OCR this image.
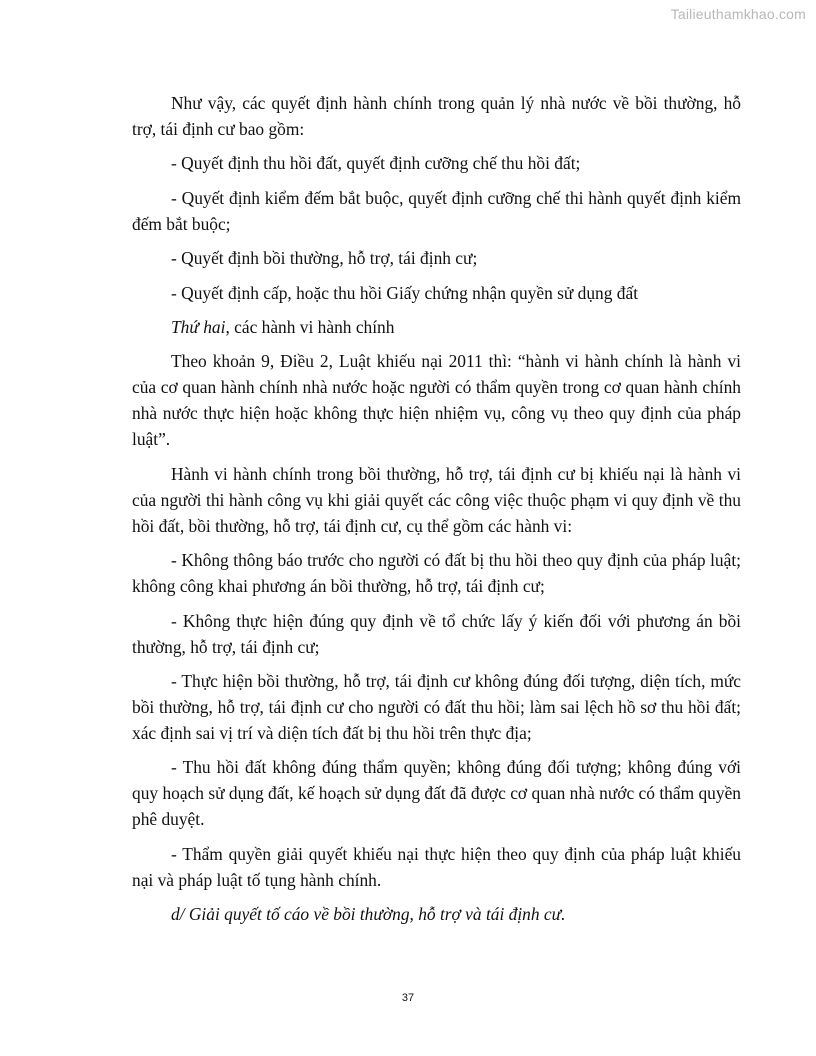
Tailieuthamkhao.com

Như vậy, các quyết định hành chính trong quản lý nhà nước về bồi thường, hỗ trợ, tái định cư bao gồm:

- Quyết định thu hồi đất, quyết định cưỡng chế thu hồi đất;

- Quyết định kiểm đếm bắt buộc, quyết định cưỡng chế thi hành quyết định kiểm đếm bắt buộc;

- Quyết định bồi thường, hỗ trợ, tái định cư;

- Quyết định cấp, hoặc thu hồi Giấy chứng nhận quyền sử dụng đất

Thứ hai, các hành vi hành chính

Theo khoản 9, Điều 2, Luật khiếu nại 2011 thì: “hành vi hành chính là hành vi của cơ quan hành chính nhà nước hoặc người có thẩm quyền trong cơ quan hành chính nhà nước thực hiện hoặc không thực hiện nhiệm vụ, công vụ theo quy định của pháp luật”.

Hành vi hành chính trong bồi thường, hỗ trợ, tái định cư bị khiếu nại là hành vi của người thi hành công vụ khi giải quyết các công việc thuộc phạm vi quy định về thu hồi đất, bồi thường, hỗ trợ, tái định cư, cụ thể gồm các hành vi:

- Không thông báo trước cho người có đất bị thu hồi theo quy định của pháp luật; không công khai phương án bồi thường, hỗ trợ, tái định cư;

- Không thực hiện đúng quy định về tổ chức lấy ý kiến đối với phương án bồi thường, hỗ trợ, tái định cư;

- Thực hiện bồi thường, hỗ trợ, tái định cư không đúng đối tượng, diện tích, mức bồi thường, hỗ trợ, tái định cư cho người có đất thu hồi; làm sai lệch hồ sơ thu hồi đất; xác định sai vị trí và diện tích đất bị thu hồi trên thực địa;

- Thu hồi đất không đúng thẩm quyền; không đúng đối tượng; không đúng với quy hoạch sử dụng đất, kế hoạch sử dụng đất đã được cơ quan nhà nước có thẩm quyền phê duyệt.

- Thẩm quyền giải quyết khiếu nại thực hiện theo quy định của pháp luật khiếu nại và pháp luật tố tụng hành chính.

d/ Giải quyết tố cáo về bồi thường, hỗ trợ và tái định cư.

37
